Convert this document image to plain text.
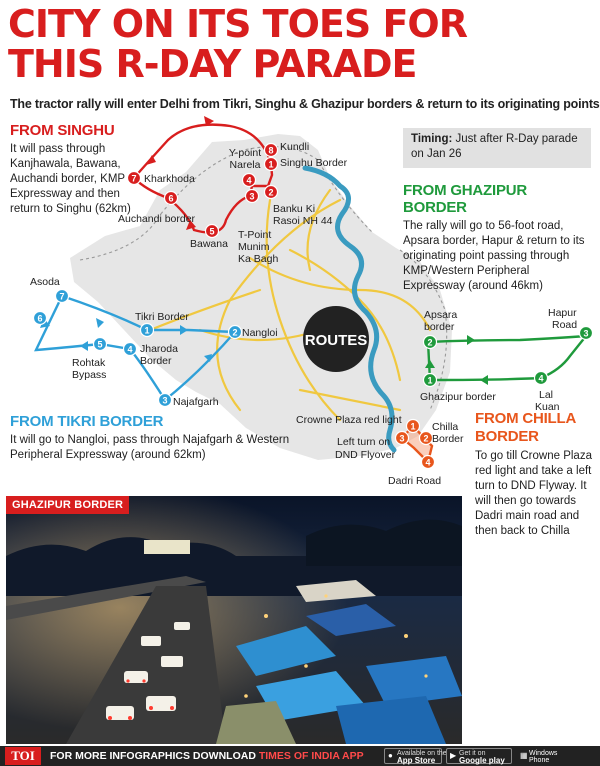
CITY ON ITS TOES FOR
THIS R-DAY PARADE
The tractor rally will enter Delhi from Tikri, Singhu & Ghazipur borders & return to its originating points
1
2
3
4
5
6
7
8
1	2
3
4
5
6
7
1
2
3
4
1
2
3
4
ROUTES
Kundli
Singhu Border
Y-point
Narela
Kharkhoda
Auchandi border
Bawana
Banku Ki
Rasoi NH 44
T-Point
Munim
Ka Bagh
Asoda
Tikri Border
Nangloi
Jharoda
Border
Rohtak
Bypass
Najafgarh
Apsara
border
Hapur
Road
Ghazipur border	Lal
Kuan
Crowne Plaza red light
Chilla
Border
Left turn on
DND Flyover
Dadri Road
FROM SINGHU

It will pass through Kanjhawala, Bawana, Auchandi border, KMP Expressway and then return to Singhu (62km)

Timing: Just after R-Day parade on Jan 26
FROM GHAZIPUR BORDER

The rally will go to 56-foot road, Apsara border, Hapur & return to its originating point passing through KMP/Western Peripheral Expressway (around 46km)

FROM TIKRI BORDER

It will go to Nangloi, pass through Najafgarh & Western Peripheral Expressway (around 62km)

FROM CHILLA BORDER

To go till Crowne Plaza red light and take a left turn to DND Flyway. It will then go towards Dadri main road and then back to Chilla

GHAZIPUR BORDER
TOI	FOR MORE INFOGRAPHICS DOWNLOAD TIMES OF INDIA APP	● Available on the
App Store
▶ Get it on
Google play
▦ Windows
Phone
